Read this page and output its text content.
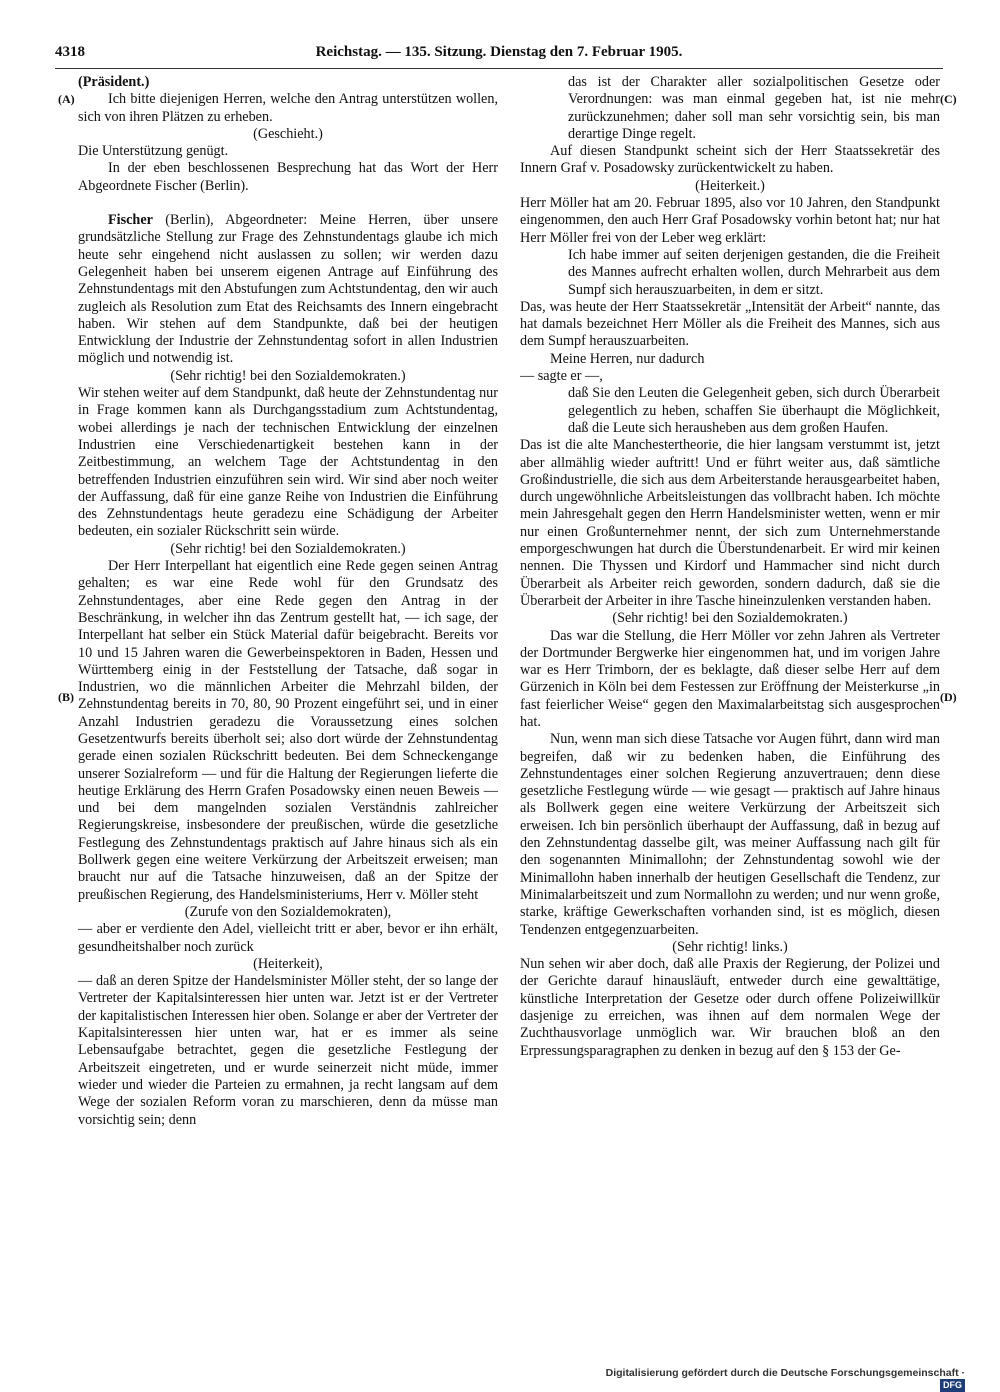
4318	Reichstag. — 135. Sitzung. Dienstag den 7. Februar 1905.
(A)
(B)
(C)
(D)

(Präsident.)

Ich bitte diejenigen Herren, welche den Antrag unterstützen wollen, sich von ihren Plätzen zu erheben.

(Geschieht.)

Die Unterstützung genügt.

In der eben beschlossenen Besprechung hat das Wort der Herr Abgeordnete Fischer (Berlin).

Fischer (Berlin), Abgeordneter: Meine Herren, über unsere grundsätzliche Stellung zur Frage des Zehnstundentags glaube ich mich heute sehr eingehend nicht auslassen zu sollen; wir werden dazu Gelegenheit haben bei unserem eigenen Antrage auf Einführung des Zehnstundentags mit den Abstufungen zum Achtstundentag, den wir auch zugleich als Resolution zum Etat des Reichsamts des Innern eingebracht haben. Wir stehen auf dem Standpunkte, daß bei der heutigen Entwicklung der Industrie der Zehnstundentag sofort in allen Industrien möglich und notwendig ist.

(Sehr richtig! bei den Sozialdemokraten.)

Wir stehen weiter auf dem Standpunkt, daß heute der Zehnstundentag nur in Frage kommen kann als Durchgangsstadium zum Achtstundentag, wobei allerdings je nach der technischen Entwicklung der einzelnen Industrien eine Verschiedenartigkeit bestehen kann in der Zeitbestimmung, an welchem Tage der Achtstundentag in den betreffenden Industrien einzuführen sein wird. Wir sind aber noch weiter der Auffassung, daß für eine ganze Reihe von Industrien die Einführung des Zehnstundentags heute geradezu eine Schädigung der Arbeiter bedeuten, ein sozialer Rückschritt sein würde.

(Sehr richtig! bei den Sozialdemokraten.)

Der Herr Interpellant hat eigentlich eine Rede gegen seinen Antrag gehalten; es war eine Rede wohl für den Grundsatz des Zehnstundentages, aber eine Rede gegen den Antrag in der Beschränkung, in welcher ihn das Zentrum gestellt hat, — ich sage, der Interpellant hat selber ein Stück Material dafür beigebracht. Bereits vor 10 und 15 Jahren waren die Gewerbeinspektoren in Baden, Hessen und Württemberg einig in der Feststellung der Tatsache, daß sogar in Industrien, wo die männlichen Arbeiter die Mehrzahl bilden, der Zehnstundentag bereits in 70, 80, 90 Prozent eingeführt sei, und in einer Anzahl Industrien geradezu die Voraussetzung eines solchen Gesetzentwurfs bereits überholt sei; also dort würde der Zehnstundentag gerade einen sozialen Rückschritt bedeuten. Bei dem Schneckengange unserer Sozialreform — und für die Haltung der Regierungen lieferte die heutige Erklärung des Herrn Grafen Posadowsky einen neuen Beweis — und bei dem mangelnden sozialen Verständnis zahlreicher Regierungskreise, insbesondere der preußischen, würde die gesetzliche Festlegung des Zehnstundentags praktisch auf Jahre hinaus sich als ein Bollwerk gegen eine weitere Verkürzung der Arbeitszeit erweisen; man braucht nur auf die Tatsache hinzuweisen, daß an der Spitze der preußischen Regierung, des Handelsministeriums, Herr v. Möller steht

(Zurufe von den Sozialdemokraten),

— aber er verdiente den Adel, vielleicht tritt er aber, bevor er ihn erhält, gesundheitshalber noch zurück

(Heiterkeit),

— daß an deren Spitze der Handelsminister Möller steht, der so lange der Vertreter der Kapitalsinteressen hier unten war. Jetzt ist er der Vertreter der kapitalistischen Interessen hier oben. Solange er aber der Vertreter der Kapitalsinteressen hier unten war, hat er es immer als seine Lebensaufgabe betrachtet, gegen die gesetzliche Festlegung der Arbeitszeit eingetreten, und er wurde seinerzeit nicht müde, immer wieder und wieder die Parteien zu ermahnen, ja recht langsam auf dem Wege der sozialen Reform voran zu marschieren, denn da müsse man vorsichtig sein; denn

das ist der Charakter aller sozialpolitischen Gesetze oder Verordnungen: was man einmal gegeben hat, ist nie mehr zurückzunehmen; daher soll man sehr vorsichtig sein, bis man derartige Dinge regelt.

Auf diesen Standpunkt scheint sich der Herr Staatssekretär des Innern Graf v. Posadowsky zurückentwickelt zu haben.

(Heiterkeit.)

Herr Möller hat am 20. Februar 1895, also vor 10 Jahren, den Standpunkt eingenommen, den auch Herr Graf Posadowsky vorhin betont hat; nur hat Herr Möller frei von der Leber weg erklärt:

Ich habe immer auf seiten derjenigen gestanden, die die Freiheit des Mannes aufrecht erhalten wollen, durch Mehrarbeit aus dem Sumpf sich herauszuarbeiten, in dem er sitzt.

Das, was heute der Herr Staatssekretär „Intensität der Arbeit“ nannte, das hat damals bezeichnet Herr Möller als die Freiheit des Mannes, sich aus dem Sumpf herauszuarbeiten.

Meine Herren, nur dadurch

— sagte er —,

daß Sie den Leuten die Gelegenheit geben, sich durch Überarbeit gelegentlich zu heben, schaffen Sie überhaupt die Möglichkeit, daß die Leute sich herausheben aus dem großen Haufen.

Das ist die alte Manchestertheorie, die hier langsam verstummt ist, jetzt aber allmählig wieder auftritt! Und er führt weiter aus, daß sämtliche Großindustrielle, die sich aus dem Arbeiterstande herausgearbeitet haben, durch ungewöhnliche Arbeitsleistungen das vollbracht haben. Ich möchte mein Jahresgehalt gegen den Herrn Handelsminister wetten, wenn er mir nur einen Großunternehmer nennt, der sich zum Unternehmerstande emporgeschwungen hat durch die Überstundenarbeit. Er wird mir keinen nennen. Die Thyssen und Kirdorf und Hammacher sind nicht durch Überarbeit als Arbeiter reich geworden, sondern dadurch, daß sie die Überarbeit der Arbeiter in ihre Tasche hineinzulenken verstanden haben.

(Sehr richtig! bei den Sozialdemokraten.)

Das war die Stellung, die Herr Möller vor zehn Jahren als Vertreter der Dortmunder Bergwerke hier eingenommen hat, und im vorigen Jahre war es Herr Trimborn, der es beklagte, daß dieser selbe Herr auf dem Gürzenich in Köln bei dem Festessen zur Eröffnung der Meisterkurse „in fast feierlicher Weise“ gegen den Maximalarbeitstag sich ausgesprochen hat.

Nun, wenn man sich diese Tatsache vor Augen führt, dann wird man begreifen, daß wir zu bedenken haben, die Einführung des Zehnstundentages einer solchen Regierung anzuvertrauen; denn diese gesetzliche Festlegung würde — wie gesagt — praktisch auf Jahre hinaus als Bollwerk gegen eine weitere Verkürzung der Arbeitszeit sich erweisen. Ich bin persönlich überhaupt der Auffassung, daß in bezug auf den Zehnstundentag dasselbe gilt, was meiner Auffassung nach gilt für den sogenannten Minimallohn; der Zehnstundentag sowohl wie der Minimallohn haben innerhalb der heutigen Gesellschaft die Tendenz, zur Minimalarbeitszeit und zum Normallohn zu werden; und nur wenn große, starke, kräftige Gewerkschaften vorhanden sind, ist es möglich, diesen Tendenzen entgegenzuarbeiten.

(Sehr richtig! links.)

Nun sehen wir aber doch, daß alle Praxis der Regierung, der Polizei und der Gerichte darauf hinausläuft, entweder durch eine gewalttätige, künstliche Interpretation der Gesetze oder durch offene Polizeiwillkür dasjenige zu erreichen, was ihnen auf dem normalen Wege der Zuchthausvorlage unmöglich war. Wir brauchen bloß an den Erpressungsparagraphen zu denken in bezug auf den § 153 der Ge-

Digitalisierung gefördert durch die Deutsche Forschungsgemeinschaft · DFG
